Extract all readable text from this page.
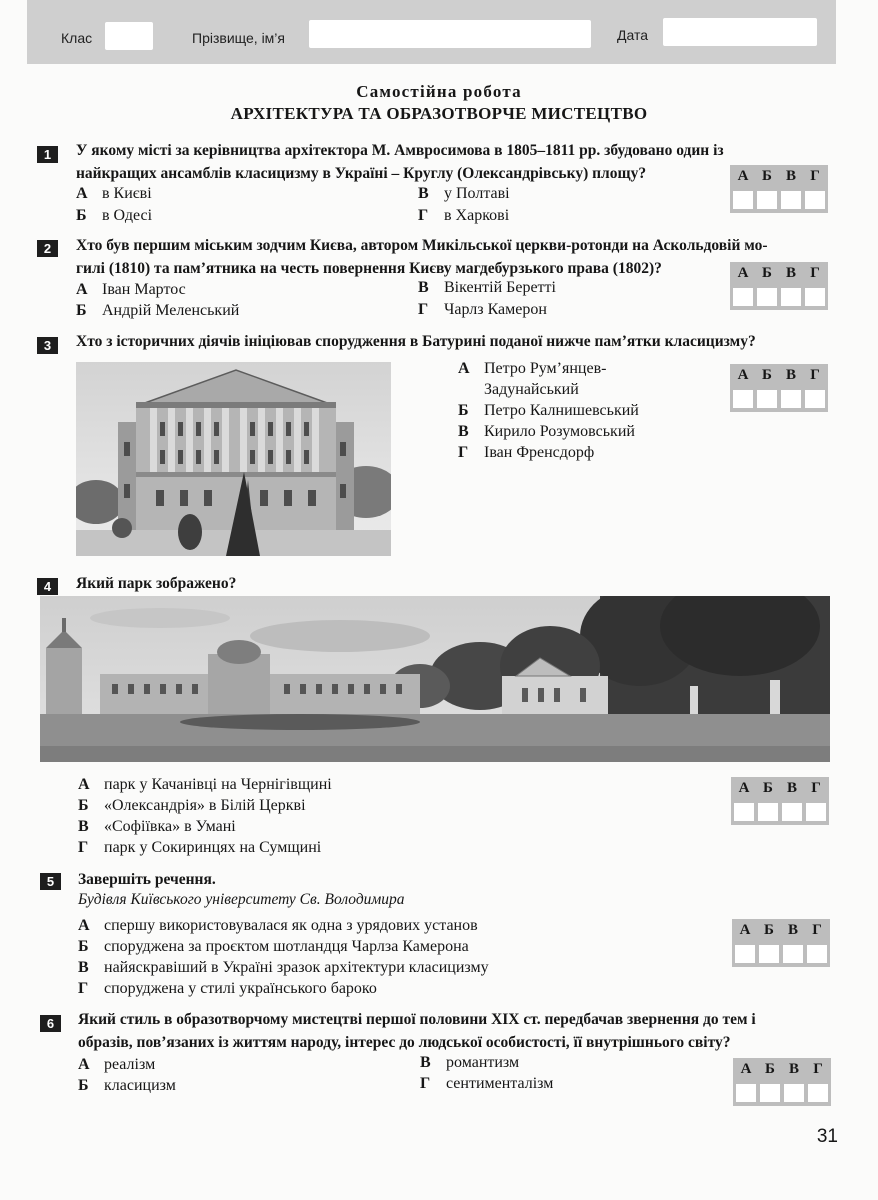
Клас	Прізвище, ім’я	Дата
Самостійна робота
АРХІТЕКТУРА ТА ОБРАЗОТВОРЧЕ МИСТЕЦТВО
1	У якому місті за керівництва архітектора М. Амвросимова в 1805–1811 рр. збудовано один із
найкращих ансамблів класицизму в Україні – Круглу (Олександрівську) площу?
А в Києві
Б в Одесі
В у Полтаві
Г в Харкові
А Б В Г
2	Хто був першим міським зодчим Києва, автором Микільської церкви-ротонди на Аскольдовій мо-
гилі (1810) та пам’ятника на честь повернення Києву магдебурзького права (1802)?
А Іван Мартос
Б Андрій Меленський
В Вікентій Беретті
Г Чарлз Камерон
А Б В Г
3	Хто з історичних діячів ініціював спорудження в Батурині поданої нижче пам’ятки класицизму?
А Петро Рум’янцев-Задунайський
Б Петро Калнишевський
В Кирило Розумовський
Г Іван Френсдорф
А Б В Г
4	Який парк зображено?
А парк у Качанівці на Чернігівщині
Б «Олександрія» в Білій Церкві
В «Софіївка» в Умані
Г парк у Сокиринцях на Сумщині
А Б В Г
5	Завершіть речення.
Будівля Київського університету Св. Володимира
А спершу використовувалася як одна з урядових установ
Б споруджена за проєктом шотландця Чарлза Камерона
В найяскравіший в Україні зразок архітектури класицизму
Г споруджена у стилі українського бароко
А Б В Г
6	Який стиль в образотворчому мистецтві першої половини XIX ст. передбачав звернення до тем і
образів, пов’язаних із життям народу, інтерес до людської особистості, її внутрішнього світу?
А реалізм
Б класицизм
В романтизм
Г сентименталізм
А Б В Г
31
